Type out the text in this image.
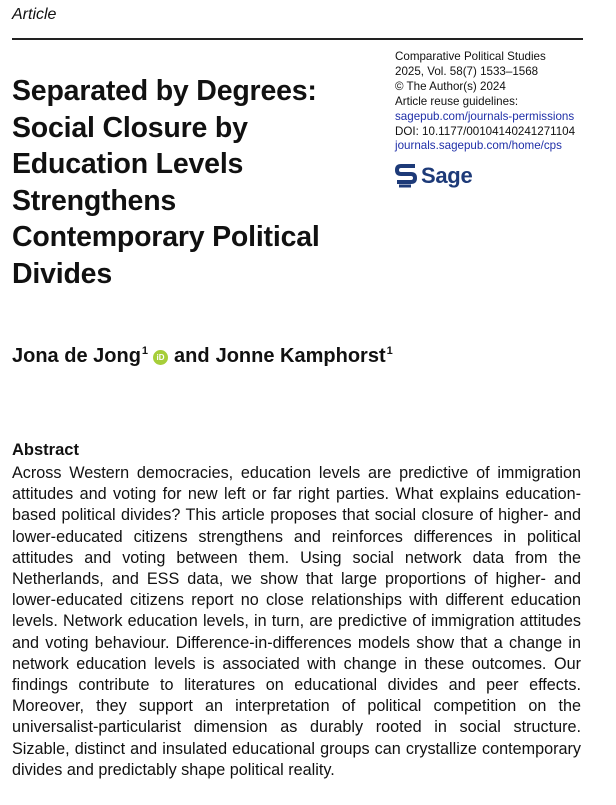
Article
Separated by Degrees: Social Closure by Education Levels Strengthens Contemporary Political Divides
Comparative Political Studies
2025, Vol. 58(7) 1533–1568
© The Author(s) 2024
Article reuse guidelines:
sagepub.com/journals-permissions
DOI: 10.1177/00104140241271104
journals.sagepub.com/home/cps
Sage
Jona de Jong$^1$
iD and Jonne Kamphorst$^1$
Abstract

Across Western democracies, education levels are predictive of immigration attitudes and voting for new left or far right parties. What explains education-based political divides? This article proposes that social closure of higher- and lower-educated citizens strengthens and reinforces differences in political attitudes and voting between them. Using social network data from the Netherlands, and ESS data, we show that large proportions of higher- and lower-educated citizens report no close relationships with different education levels. Network education levels, in turn, are predictive of immigration attitudes and voting behaviour. Difference-in-differences models show that a change in network education levels is associated with change in these outcomes. Our findings contribute to literatures on educational divides and peer effects. Moreover, they support an interpretation of political competition on the universalist-particularist dimension as durably rooted in social structure. Sizable, distinct and insulated educational groups can crystallize contemporary divides and predictably shape political reality.
